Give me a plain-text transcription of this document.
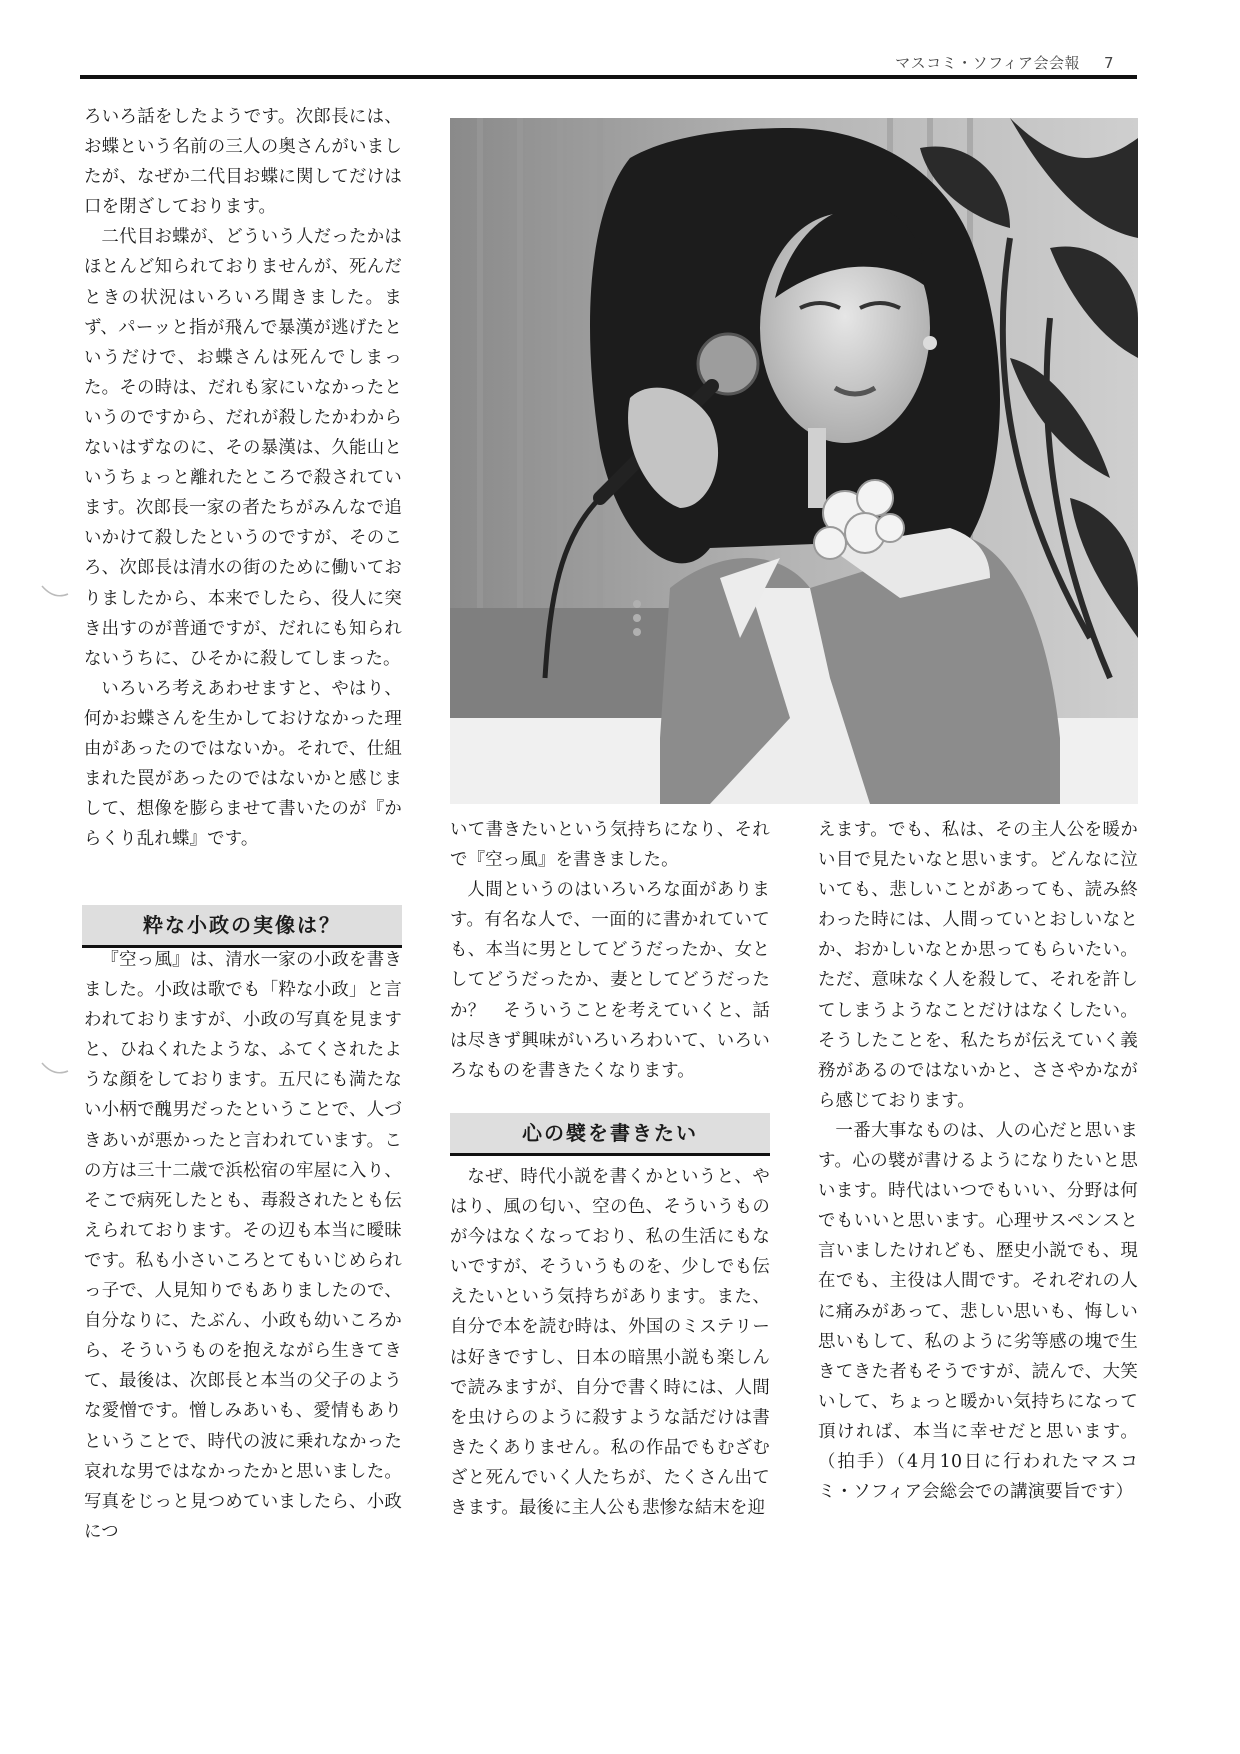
マスコミ・ソフィア会会報 7

ろいろ話をしたようです。次郎長には、お蝶という名前の三人の奥さんがいましたが、なぜか二代目お蝶に関してだけは口を閉ざしております。

二代目お蝶が、どういう人だったかはほとんど知られておりませんが、死んだときの状況はいろいろ聞きました。まず、パーッと指が飛んで暴漢が逃げたというだけで、お蝶さんは死んでしまった。その時は、だれも家にいなかったというのですから、だれが殺したかわからないはずなのに、その暴漢は、久能山というちょっと離れたところで殺されています。次郎長一家の者たちがみんなで追いかけて殺したというのですが、そのころ、次郎長は清水の街のために働いておりましたから、本来でしたら、役人に突き出すのが普通ですが、だれにも知られないうちに、ひそかに殺してしまった。

いろいろ考えあわせますと、やはり、何かお蝶さんを生かしておけなかった理由があったのではないか。それで、仕組まれた罠があったのではないかと感じまして、想像を膨らませて書いたのが『からくり乱れ蝶』です。

粋な小政の実像は？

『空っ風』は、清水一家の小政を書きました。小政は歌でも「粋な小政」と言われておりますが、小政の写真を見ますと、ひねくれたような、ふてくされたような顔をしております。五尺にも満たない小柄で醜男だったということで、人づきあいが悪かったと言われています。この方は三十二歳で浜松宿の牢屋に入り、そこで病死したとも、毒殺されたとも伝えられております。その辺も本当に曖昧です。私も小さいころとてもいじめられっ子で、人見知りでもありましたので、自分なりに、たぶん、小政も幼いころから、そういうものを抱えながら生きてきて、最後は、次郎長と本当の父子のような愛憎です。憎しみあいも、愛情もありということで、時代の波に乗れなかった哀れな男ではなかったかと思いました。写真をじっと見つめていましたら、小政につ

いて書きたいという気持ちになり、それで『空っ風』を書きました。

人間というのはいろいろな面があります。有名な人で、一面的に書かれていても、本当に男としてどうだったか、女としてどうだったか、妻としてどうだったか？　そういうことを考えていくと、話は尽きず興味がいろいろわいて、いろいろなものを書きたくなります。

心の襞を書きたい

なぜ、時代小説を書くかというと、やはり、風の匂い、空の色、そういうものが今はなくなっており、私の生活にもないですが、そういうものを、少しでも伝えたいという気持ちがあります。また、自分で本を読む時は、外国のミステリーは好きですし、日本の暗黒小説も楽しんで読みますが、自分で書く時には、人間を虫けらのように殺すような話だけは書きたくありません。私の作品でもむざむざと死んでいく人たちが、たくさん出てきます。最後に主人公も悲惨な結末を迎

えます。でも、私は、その主人公を暖かい目で見たいなと思います。どんなに泣いても、悲しいことがあっても、読み終わった時には、人間っていとおしいなとか、おかしいなとか思ってもらいたい。ただ、意味なく人を殺して、それを許してしまうようなことだけはなくしたい。そうしたことを、私たちが伝えていく義務があるのではないかと、ささやかながら感じております。

一番大事なものは、人の心だと思います。心の襞が書けるようになりたいと思います。時代はいつでもいい、分野は何でもいいと思います。心理サスペンスと言いましたけれども、歴史小説でも、現在でも、主役は人間です。それぞれの人に痛みがあって、悲しい思いも、悔しい思いもして、私のように劣等感の塊で生きてきた者もそうですが、読んで、大笑いして、ちょっと暖かい気持ちになって頂ければ、本当に幸せだと思います。（拍手）（4月10日に行われたマスコミ・ソフィア会総会での講演要旨です）
